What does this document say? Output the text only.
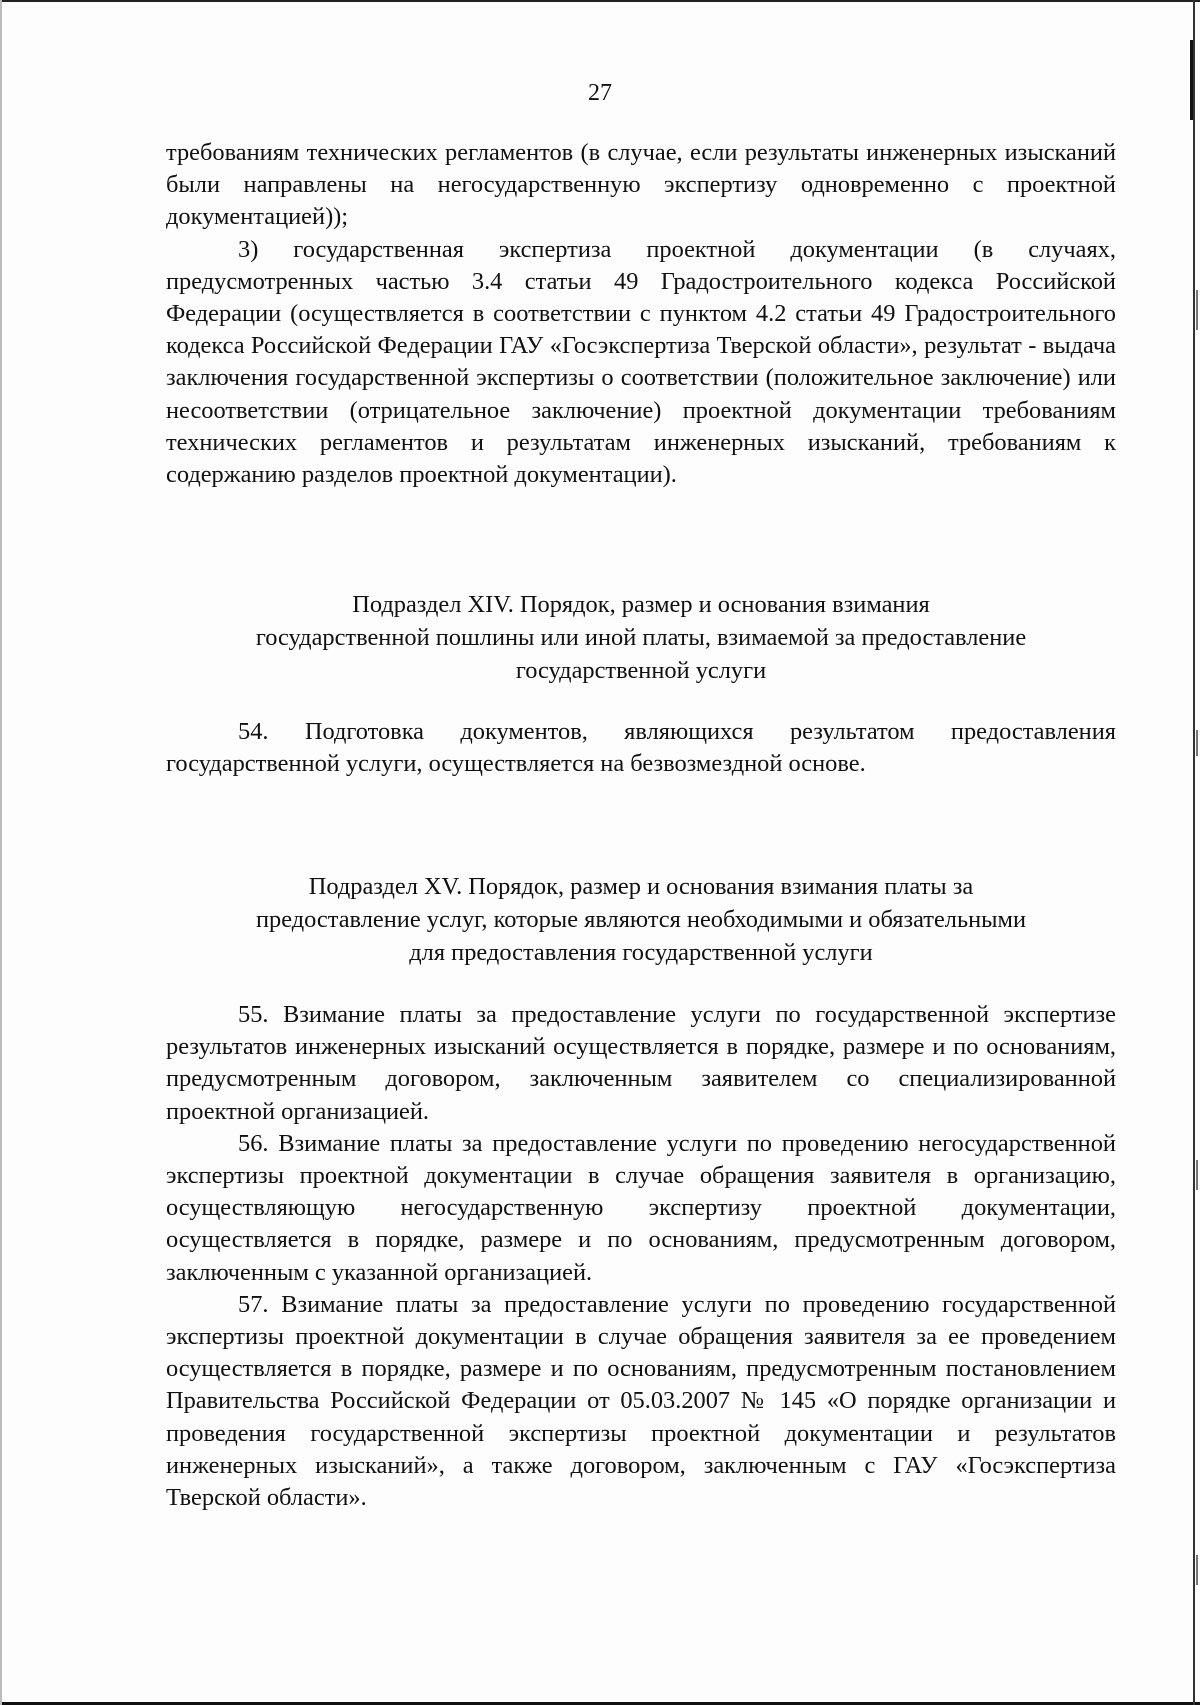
27

требованиям технических регламентов (в случае, если результаты инженерных изысканий были направлены на негосударственную экспертизу одновременно с проектной документацией));

3) государственная экспертиза проектной документации (в случаях, предусмотренных частью 3.4 статьи 49 Градостроительного кодекса Российской Федерации (осуществляется в соответствии с пунктом 4.2 статьи 49 Градостроительного кодекса Российской Федерации ГАУ «Госэкспертиза Тверской области», результат - выдача заключения государственной экспертизы о соответствии (положительное заключение) или несоответствии (отрицательное заключение) проектной документации требованиям технических регламентов и результатам инженерных изысканий, требованиям к содержанию разделов проектной документации).

Подраздел XIV. Порядок, размер и основания взимания
государственной пошлины или иной платы, взимаемой за предоставление
государственной услуги

54. Подготовка документов, являющихся результатом предоставления государственной услуги, осуществляется на безвозмездной основе.

Подраздел XV. Порядок, размер и основания взимания платы за
предоставление услуг, которые являются необходимыми и обязательными
для предоставления государственной услуги

55. Взимание платы за предоставление услуги по государственной экспертизе результатов инженерных изысканий осуществляется в порядке, размере и по основаниям, предусмотренным договором, заключенным заявителем со специализированной проектной организацией.

56. Взимание платы за предоставление услуги по проведению негосударственной экспертизы проектной документации в случае обращения заявителя в организацию, осуществляющую негосударственную экспертизу проектной документации, осуществляется в порядке, размере и по основаниям, предусмотренным договором, заключенным с указанной организацией.

57. Взимание платы за предоставление услуги по проведению государственной экспертизы проектной документации в случае обращения заявителя за ее проведением осуществляется в порядке, размере и по основаниям, предусмотренным постановлением Правительства Российской Федерации от 05.03.2007 № 145 «О порядке организации и проведения государственной экспертизы проектной документации и результатов инженерных изысканий», а также договором, заключенным с ГАУ «Госэкспертиза Тверской области».
